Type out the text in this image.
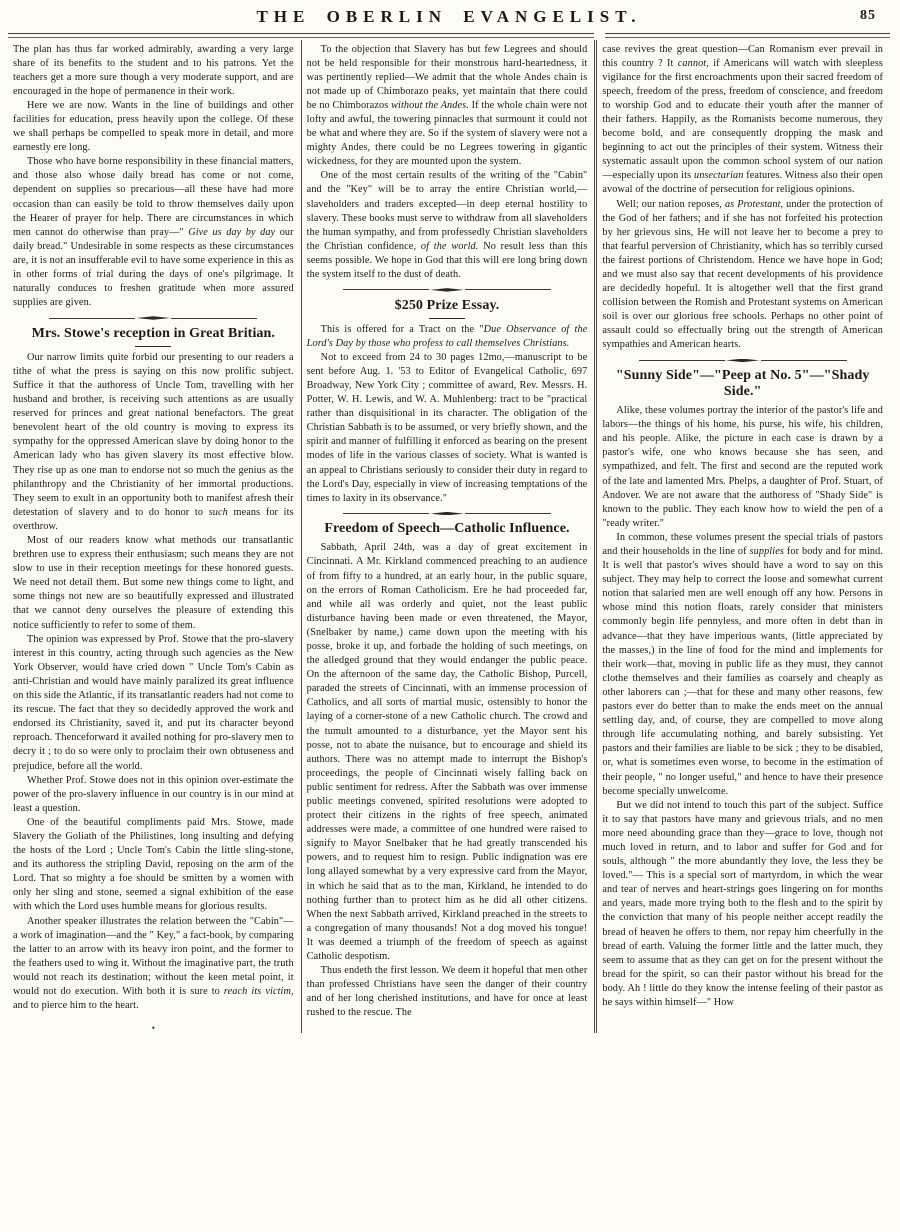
THE OBERLIN EVANGELIST.	85

The plan has thus far worked admirably, awarding a very large share of its benefits to the student and to his patrons. Yet the teachers get a more sure though a very moderate support, and are encouraged in the hope of permanence in their work.

Here we are now. Wants in the line of buildings and other facilities for education, press heavily upon the college. Of these we shall perhaps be compelled to speak more in detail, and more earnestly ere long.

Those who have borne responsibility in these financial matters, and those also whose daily bread has come or not come, dependent on supplies so precarious—all these have had more occasion than can easily be told to throw themselves daily upon the Hearer of prayer for help. There are circumstances in which men cannot do otherwise than pray—" Give us day by day our daily bread." Undesirable in some respects as these circumstances are, it is not an insufferable evil to have some experience in this as in other forms of trial during the days of one's pilgrimage. It naturally conduces to freshen gratitude when more assured supplies are given.

Mrs. Stowe's reception in Great Britian.

Our narrow limits quite forbid our presenting to our readers a tithe of what the press is saying on this now prolific subject. Suffice it that the authoress of Uncle Tom, travelling with her husband and brother, is receiving such attentions as are usually reserved for princes and great national benefactors. The great benevolent heart of the old country is moving to express its sympathy for the oppressed American slave by doing honor to the American lady who has given slavery its most effective blow. They rise up as one man to endorse not so much the genius as the philanthropy and the Christianity of her immortal productions. They seem to exult in an opportunity both to manifest afresh their detestation of slavery and to do honor to such means for its overthrow.

Most of our readers know what methods our transatlantic brethren use to express their enthusiasm; such means they are not slow to use in their reception meetings for these honored guests. We need not detail them. But some new things come to light, and some things not new are so beautifully expressed and illustrated that we cannot deny ourselves the pleasure of extending this notice sufficiently to refer to some of them.

The opinion was expressed by Prof. Stowe that the pro-slavery interest in this country, acting through such agencies as the New York Observer, would have cried down " Uncle Tom's Cabin as anti-Christian and would have mainly paralized its great influence on this side the Atlantic, if its transatlantic readers had not come to its rescue. The fact that they so decidedly approved the work and endorsed its Christianity, saved it, and put its character beyond reproach. Thenceforward it availed nothing for pro-slavery men to decry it ; to do so were only to proclaim their own obtuseness and prejudice, before all the world.

Whether Prof. Stowe does not in this opinion over-estimate the power of the pro-slavery influence in our country is in our mind at least a question.

One of the beautiful compliments paid Mrs. Stowe, made Slavery the Goliath of the Philistines, long insulting and defying the hosts of the Lord ; Uncle Tom's Cabin the little sling-stone, and its authoress the stripling David, reposing on the arm of the Lord. That so mighty a foe should be smitten by a women with only her sling and stone, seemed a signal exhibition of the ease with which the Lord uses humble means for glorious results.

Another speaker illustrates the relation between the "Cabin"—a work of imagination—and the " Key," a fact-book, by comparing the latter to an arrow with its heavy iron point, and the former to the feathers used to wing it. Without the imaginative part, the truth would not reach its destination; without the keen metal point, it would not do execution. With both it is sure to reach its victim, and to pierce him to the heart.

•

To the objection that Slavery has but few Legrees and should not be held responsible for their monstrous hard-heartedness, it was pertinently replied—We admit that the whole Andes chain is not made up of Chimborazo peaks, yet maintain that there could be no Chimborazos without the Andes. If the whole chain were not lofty and awful, the towering pinnacles that surmount it could not be what and where they are. So if the system of slavery were not a mighty Andes, there could be no Legrees towering in gigantic wickedness, for they are mounted upon the system.

One of the most certain results of the writing of the "Cabin" and the "Key" will be to array the entire Christian world,—slaveholders and traders excepted—in deep eternal hostility to slavery. These books must serve to withdraw from all slaveholders the human sympathy, and from professedly Christian slaveholders the Christian confidence, of the world. No result less than this seems possible. We hope in God that this will ere long bring down the system itself to the dust of death.

$250 Prize Essay.

This is offered for a Tract on the "Due Observance of the Lord's Day by those who profess to call themselves Christians.

Not to exceed from 24 to 30 pages 12mo,—manuscript to be sent before Aug. 1. '53 to Editor of Evangelical Catholic, 697 Broadway, New York City ; committee of award, Rev. Messrs. H. Potter, W. H. Lewis, and W. A. Muhlenberg: tract to be "practical rather than disquisitional in its character. The obligation of the Christian Sabbath is to be assumed, or very briefly shown, and the spirit and manner of fulfilling it enforced as bearing on the present modes of life in the various classes of society. What is wanted is an appeal to Christians seriously to consider their duty in regard to the Lord's Day, especially in view of increasing temptations of the times to laxity in its observance."

Freedom of Speech—Catholic Influence.

Sabbath, April 24th, was a day of great excitement in Cincinnati. A Mr. Kirkland commenced preaching to an audience of from fifty to a hundred, at an early hour, in the public square, on the errors of Roman Catholicism. Ere he had proceeded far, and while all was orderly and quiet, not the least public disturbance having been made or even threatened, the Mayor, (Snelbaker by name,) came down upon the meeting with his posse, broke it up, and forbade the holding of such meetings, on the alledged ground that they would endanger the public peace. On the afternoon of the same day, the Catholic Bishop, Purcell, paraded the streets of Cincinnati, with an immense procession of Catholics, and all sorts of martial music, ostensibly to honor the laying of a corner-stone of a new Catholic church. The crowd and the tumult amounted to a disturbance, yet the Mayor sent his posse, not to abate the nuisance, but to encourage and shield its authors. There was no attempt made to interrupt the Bishop's proceedings, the people of Cincinnati wisely falling back on public sentiment for redress. After the Sabbath was over immense public meetings convened, spirited resolutions were adopted to protect their citizens in the rights of free speech, animated addresses were made, a committee of one hundred were raised to signify to Mayor Snelbaker that he had greatly transcended his powers, and to request him to resign. Public indignation was ere long allayed somewhat by a very expressive card from the Mayor, in which he said that as to the man, Kirkland, he intended to do nothing further than to protect him as he did all other citizens. When the next Sabbath arrived, Kirkland preached in the streets to a congregation of many thousands! Not a dog moved his tongue! It was deemed a triumph of the freedom of speech as against Catholic despotism.

Thus endeth the first lesson. We deem it hopeful that men other than professed Christians have seen the danger of their country and of her long cherished institutions, and have for once at least rushed to the rescue. The

case revives the great question—Can Romanism ever prevail in this country ? It cannot, if Americans will watch with sleepless vigilance for the first encroachments upon their sacred freedom of speech, freedom of the press, freedom of conscience, and freedom to worship God and to educate their youth after the manner of their fathers. Happily, as the Romanists become numerous, they become bold, and are consequently dropping the mask and beginning to act out the principles of their system. Witness their systematic assault upon the common school system of our nation—especially upon its unsectarian features. Witness also their open avowal of the doctrine of persecution for religious opinions.

Well; our nation reposes, as Protestant, under the protection of the God of her fathers; and if she has not forfeited his protection by her grievous sins, He will not leave her to become a prey to that fearful perversion of Christianity, which has so terribly cursed the fairest portions of Christendom. Hence we have hope in God; and we must also say that recent developments of his providence are decidedly hopeful. It is altogether well that the first grand collision between the Romish and Protestant systems on American soil is over our glorious free schools. Perhaps no other point of assault could so effectually bring out the strength of American sympathies and American hearts.

"Sunny Side"—"Peep at No. 5"—"Shady Side."

Alike, these volumes portray the interior of the pastor's life and labors—the things of his home, his purse, his wife, his children, and his people. Alike, the picture in each case is drawn by a pastor's wife, one who knows because she has seen, and sympathized, and felt. The first and second are the reputed work of the late and lamented Mrs. Phelps, a daughter of Prof. Stuart, of Andover. We are not aware that the authoress of "Shady Side" is known to the public. They each know how to wield the pen of a "ready writer."

In common, these volumes present the special trials of pastors and their households in the line of supplies for body and for mind. It is well that pastor's wives should have a word to say on this subject. They may help to correct the loose and somewhat current notion that salaried men are well enough off any how. Persons in whose mind this notion floats, rarely consider that ministers commonly begin life pennyless, and more often in debt than in advance—that they have imperious wants, (little appreciated by the masses,) in the line of food for the mind and implements for their work—that, moving in public life as they must, they cannot clothe themselves and their families as coarsely and cheaply as other laborers can ;—that for these and many other reasons, few pastors ever do better than to make the ends meet on the annual settling day, and, of course, they are compelled to move along through life accumulating nothing, and barely subsisting. Yet pastors and their families are liable to be sick ; they to be disabled, or, what is sometimes even worse, to become in the estimation of their people, " no longer useful," and hence to have their presence become specially unwelcome.

But we did not intend to touch this part of the subject. Suffice it to say that pastors have many and grievous trials, and no men more need abounding grace than they—grace to love, though not much loved in return, and to labor and suffer for God and for souls, although " the more abundantly they love, the less they be loved."— This is a special sort of martyrdom, in which the wear and tear of nerves and heart-strings goes lingering on for months and years, made more trying both to the flesh and to the spirit by the conviction that many of his people neither accept readily the bread of heaven he offers to them, nor repay him cheerfully in the bread of earth. Valuing the former little and the latter much, they seem to assume that as they can get on for the present without the bread for the spirit, so can their pastor without his bread for the body. Ah ! little do they know the intense feeling of their pastor as he says within himself—" How
